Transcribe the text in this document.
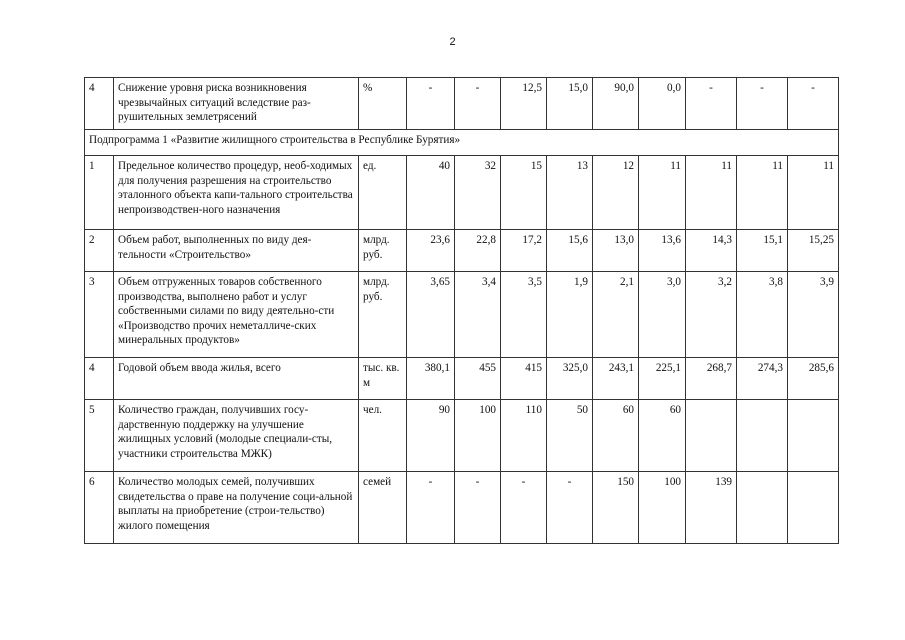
2
4	Снижение уровня риска возникновения чрезвычайных ситуаций вследствие раз-рушительных землетрясений	%	-	-	12,5	15,0	90,0	0,0	-	-	-
Подпрограмма 1 «Развитие жилищного строительства в Республике Бурятия»											
1	Предельное количество процедур, необ-ходимых для получения разрешения на строительство эталонного объекта капи-тального строительства непроизводствен-ного назначения	ед.	40	32	15	13	12	11	11	11	11
2	Объем работ, выполненных по виду дея-тельности «Строительство»	млрд. руб.	23,6	22,8	17,2	15,6	13,0	13,6	14,3	15,1	15,25
3	Объем отгруженных товаров собственного производства, выполнено работ и услуг собственными силами по виду деятельно-сти «Производство прочих неметалличе-ских минеральных продуктов»	млрд. руб.	3,65	3,4	3,5	1,9	2,1	3,0	3,2	3,8	3,9
4	Годовой объем ввода жилья, всего	тыс. кв. м	380,1	455	415	325,0	243,1	225,1	268,7	274,3	285,6
5	Количество граждан, получивших госу-дарственную поддержку на улучшение жилищных условий (молодые специали-сты, участники строительства МЖК)	чел.	90	100	110	50	60	60			
6	Количество молодых семей, получивших свидетельства о праве на получение соци-альной выплаты на приобретение (строи-тельство) жилого помещения	семей	-	-	-	-	150	100	139		
